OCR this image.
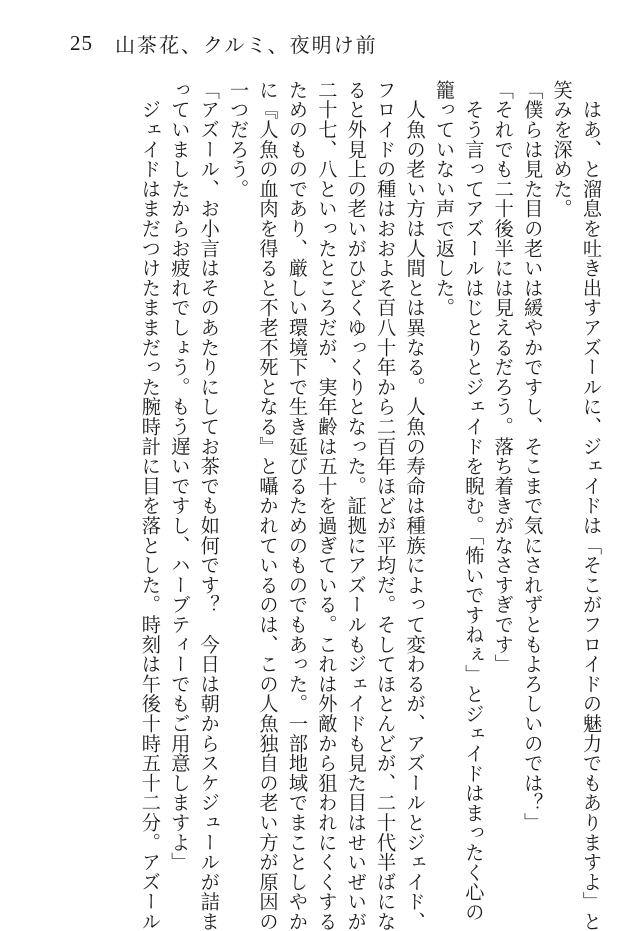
25 山茶花、クルミ、夜明け前
　はあ、と溜息を吐き出すアズールに、ジェイドは「そこがフロイドの魅力でもありますよ」と
笑みを深めた。
「僕らは見た目の老いは緩やかですし、そこまで気にされずともよろしいのでは？」
「それでも二十後半には見えるだろう。落ち着きがなさすぎです」
　そう言ってアズールはじとりとジェイドを睨む。「怖いですねぇ」とジェイドはまったく心の
籠っていない声で返した。
　人魚の老い方は人間とは異なる。人魚の寿命は種族によって変わるが、アズールとジェイド、
フロイドの種はおおよそ百八十年から二百年ほどが平均だ。そしてほとんどが、二十代半ばにな
ると外見上の老いがひどくゆっくりとなった。証拠にアズールもジェイドも見た目はせいぜいが
二十七、八といったところだが、実年齢は五十を過ぎている。これは外敵から狙われにくくする
ためのものであり、厳しい環境下で生き延びるためのものでもあった。一部地域でまことしやか
に『人魚の血肉を得ると不老不死となる』と囁かれているのは、この人魚独自の老い方が原因の
一つだろう。
「アズール、お小言はそのあたりにしてお茶でも如何です？　今日は朝からスケジュールが詰ま
っていましたからお疲れでしょう。もう遅いですし、ハーブティーでもご用意しますよ」
　ジェイドはまだつけたままだった腕時計に目を落とした。時刻は午後十時五十二分。アズール
